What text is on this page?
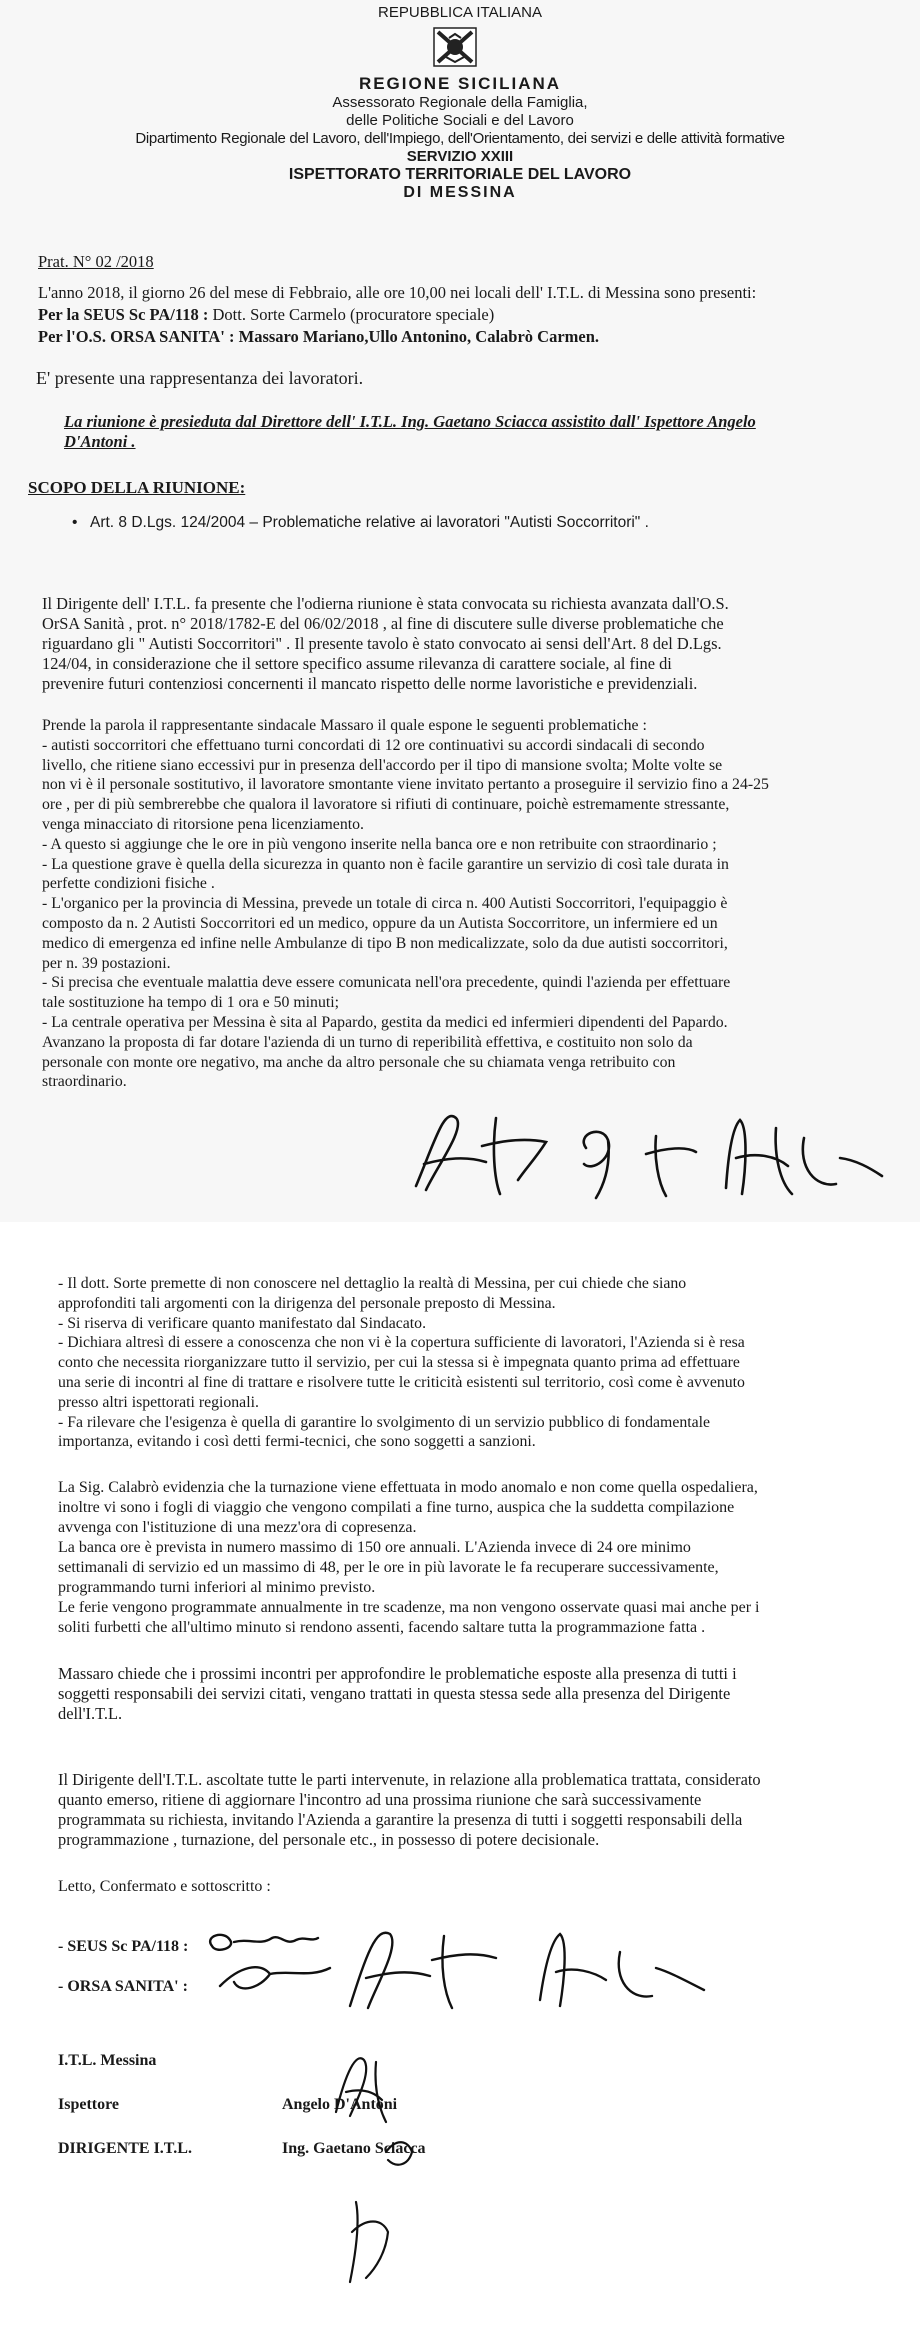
REPUBBLICA ITALIANA
REGIONE SICILIANA
Assessorato Regionale della Famiglia,
delle Politiche Sociali e del Lavoro
Dipartimento Regionale del Lavoro, dell'Impiego, dell'Orientamento, dei servizi e delle attività formative
SERVIZIO XXIII
ISPETTORATO TERRITORIALE DEL LAVORO
DI MESSINA
Prat. N° 02 /2018
L'anno 2018, il giorno 26 del mese di Febbraio, alle ore 10,00 nei locali dell' I.T.L. di Messina sono presenti:
Per la SEUS Sc PA/118 : Dott. Sorte Carmelo (procuratore speciale)
Per l'O.S. ORSA SANITA' : Massaro Mariano,Ullo Antonino, Calabrò Carmen.
E' presente una rappresentanza dei lavoratori.
La riunione è presieduta dal Direttore dell' I.T.L. Ing. Gaetano Sciacca assistito dall' Ispettore Angelo
D'Antoni .
SCOPO DELLA RIUNIONE:
• Art. 8 D.Lgs. 124/2004 – Problematiche relative ai lavoratori "Autisti Soccorritori" .
Il Dirigente dell' I.T.L. fa presente che l'odierna riunione è stata convocata su richiesta avanzata dall'O.S.
OrSA Sanità , prot. n° 2018/1782-E del 06/02/2018 , al fine di discutere sulle diverse problematiche che
riguardano gli " Autisti Soccorritori" . Il presente tavolo è stato convocato ai sensi dell'Art. 8 del D.Lgs.
124/04, in considerazione che il settore specifico assume rilevanza di carattere sociale, al fine di
prevenire futuri contenziosi concernenti il mancato rispetto delle norme lavoristiche e previdenziali.
Prende la parola il rappresentante sindacale Massaro il quale espone le seguenti problematiche :
- autisti soccorritori che effettuano turni concordati di 12 ore continuativi su accordi sindacali di secondo
livello, che ritiene siano eccessivi pur in presenza dell'accordo per il tipo di mansione svolta; Molte volte se
non vi è il personale sostitutivo, il lavoratore smontante viene invitato pertanto a proseguire il servizio fino a 24-25
ore , per di più sembrerebbe che qualora il lavoratore si rifiuti di continuare, poichè estremamente stressante,
venga minacciato di ritorsione pena licenziamento.
- A questo si aggiunge che le ore in più vengono inserite nella banca ore e non retribuite con straordinario ;
- La questione grave è quella della sicurezza in quanto non è facile garantire un servizio di così tale durata in
perfette condizioni fisiche .
- L'organico per la provincia di Messina, prevede un totale di circa n. 400 Autisti Soccorritori, l'equipaggio è
composto da n. 2 Autisti Soccorritori ed un medico, oppure da un Autista Soccorritore, un infermiere ed un
medico di emergenza ed infine nelle Ambulanze di tipo B non medicalizzate, solo da due autisti soccorritori,
per n. 39 postazioni.
- Si precisa che eventuale malattia deve essere comunicata nell'ora precedente, quindi l'azienda per effettuare
tale sostituzione ha tempo di 1 ora e 50 minuti;
- La centrale operativa per Messina è sita al Papardo, gestita da medici ed infermieri dipendenti del Papardo.
Avanzano la proposta di far dotare l'azienda di un turno di reperibilità effettiva, e costituito non solo da
personale con monte ore negativo, ma anche da altro personale che su chiamata venga retribuito con
straordinario.
- Il dott. Sorte premette di non conoscere nel dettaglio la realtà di Messina, per cui chiede che siano
approfonditi tali argomenti con la dirigenza del personale preposto di Messina.
- Si riserva di verificare quanto manifestato dal Sindacato.
- Dichiara altresì di essere a conoscenza che non vi è la copertura sufficiente di lavoratori, l'Azienda si è resa
conto che necessita riorganizzare tutto il servizio, per cui la stessa si è impegnata quanto prima ad effettuare
una serie di incontri al fine di trattare e risolvere tutte le criticità esistenti sul territorio, così come è avvenuto
presso altri ispettorati regionali.
- Fa rilevare che l'esigenza è quella di garantire lo svolgimento di un servizio pubblico di fondamentale
importanza, evitando i così detti fermi-tecnici, che sono soggetti a sanzioni.
La Sig. Calabrò evidenzia che la turnazione viene effettuata in modo anomalo e non come quella ospedaliera,
inoltre vi sono i fogli di viaggio che vengono compilati a fine turno, auspica che la suddetta compilazione
avvenga con l'istituzione di una mezz'ora di copresenza.
La banca ore è prevista in numero massimo di 150 ore annuali. L'Azienda invece di 24 ore minimo
settimanali di servizio ed un massimo di 48, per le ore in più lavorate le fa recuperare successivamente,
programmando turni inferiori al minimo previsto.
Le ferie vengono programmate annualmente in tre scadenze, ma non vengono osservate quasi mai anche per i
soliti furbetti che all'ultimo minuto si rendono assenti, facendo saltare tutta la programmazione fatta .
Massaro chiede che i prossimi incontri per approfondire le problematiche esposte alla presenza di tutti i
soggetti responsabili dei servizi citati, vengano trattati in questa stessa sede alla presenza del Dirigente
dell'I.T.L.
Il Dirigente dell'I.T.L. ascoltate tutte le parti intervenute, in relazione alla problematica trattata, considerato
quanto emerso, ritiene di aggiornare l'incontro ad una prossima riunione che sarà successivamente
programmata su richiesta, invitando l'Azienda a garantire la presenza di tutti i soggetti responsabili della
programmazione , turnazione, del personale etc., in possesso di potere decisionale.
Letto, Confermato e sottoscritto :
- SEUS Sc PA/118 :
- ORSA SANITA' :
I.T.L. Messina
Ispettore	Angelo D'Antoni
DIRIGENTE I.T.L.	Ing. Gaetano Sciacca
